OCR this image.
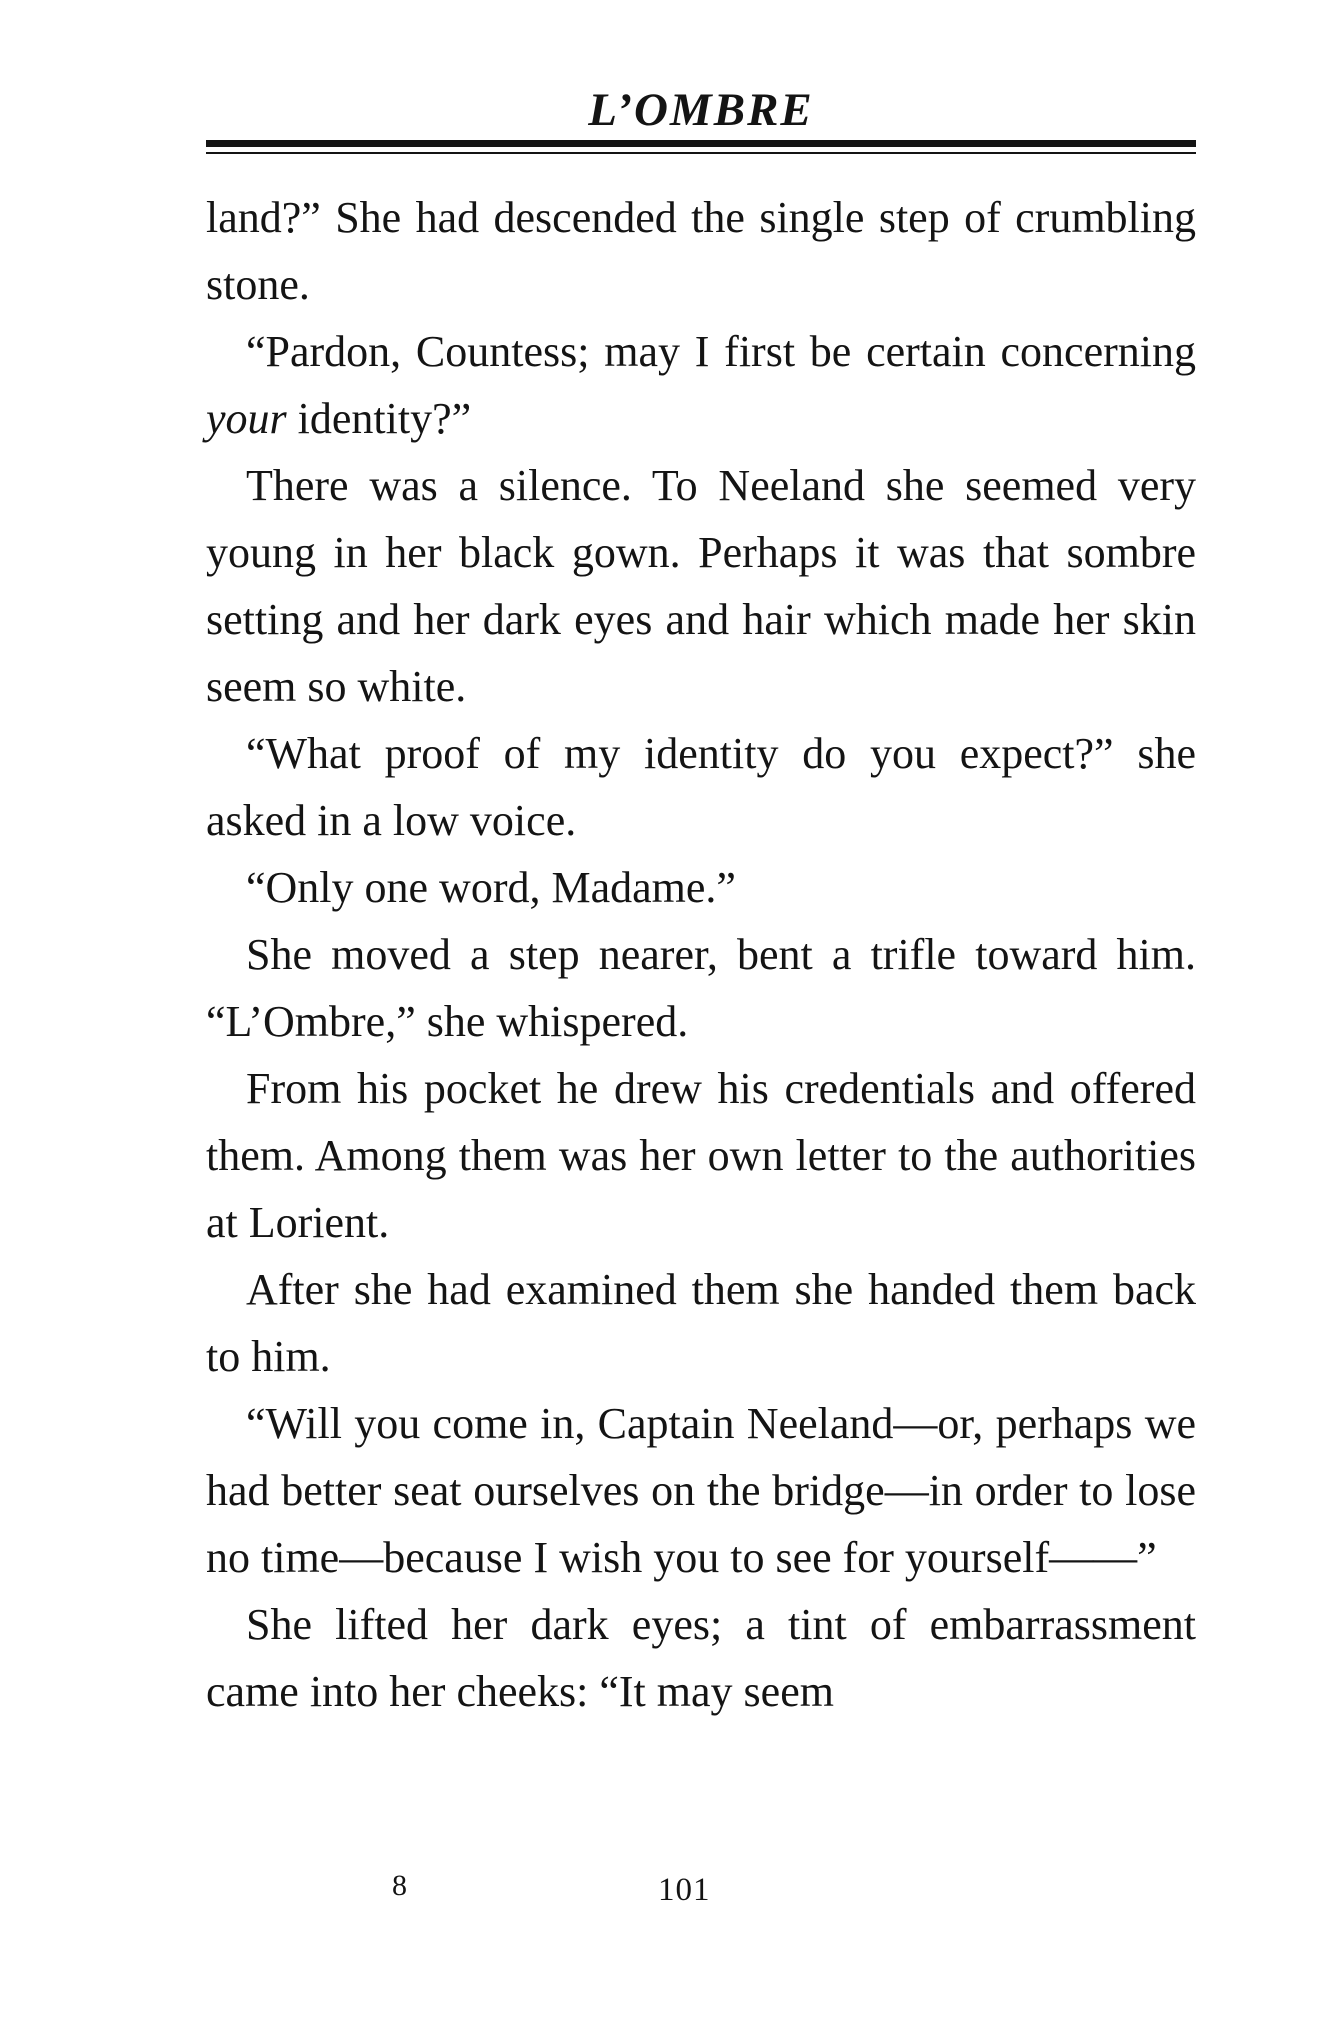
L’OMBRE

land?” She had descended the single step of crumbling stone.

“Pardon, Countess; may I first be certain concerning your identity?”

There was a silence. To Neeland she seemed very young in her black gown. Perhaps it was that sombre setting and her dark eyes and hair which made her skin seem so white.

“What proof of my identity do you expect?” she asked in a low voice.

“Only one word, Madame.”

She moved a step nearer, bent a trifle toward him. “L’Ombre,” she whispered.

From his pocket he drew his credentials and offered them. Among them was her own letter to the authorities at Lorient.

After she had examined them she handed them back to him.

“Will you come in, Captain Neeland—or, perhaps we had better seat ourselves on the bridge—in order to lose no time—because I wish you to see for yourself——”

She lifted her dark eyes; a tint of embarrassment came into her cheeks: “It may seem

8	101
